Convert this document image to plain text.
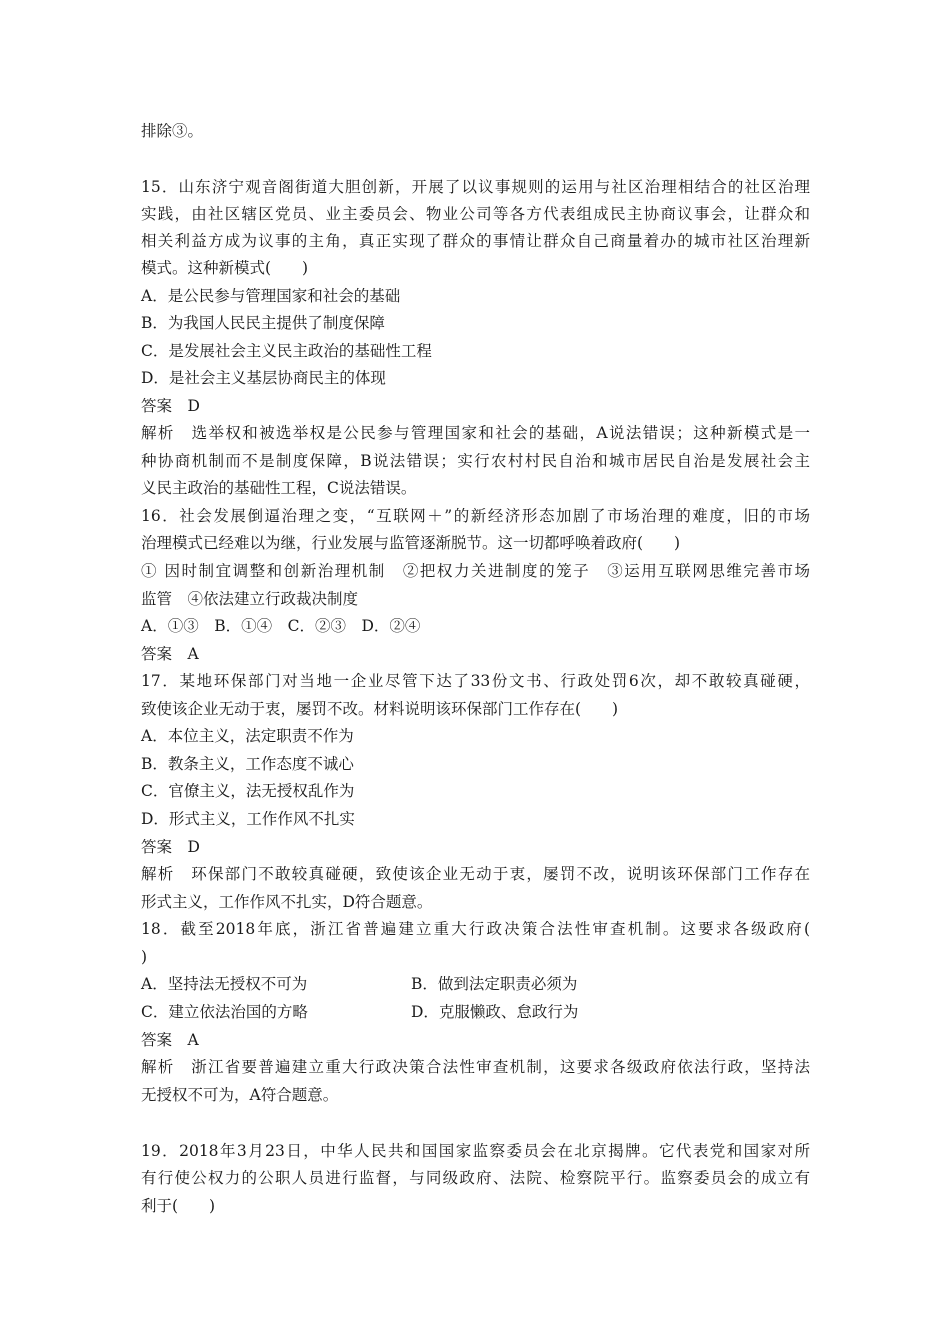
排除③。
15．山东济宁观音阁街道大胆创新，开展了以议事规则的运用与社区治理相结合的社区治理
实践，由社区辖区党员、业主委员会、物业公司等各方代表组成民主协商议事会，让群众和
相关利益方成为议事的主角，真正实现了群众的事情让群众自己商量着办的城市社区治理新
模式。这种新模式(　　)
A．是公民参与管理国家和社会的基础
B．为我国人民民主提供了制度保障
C．是发展社会主义民主政治的基础性工程
D．是社会主义基层协商民主的体现
答案　D
解析　选举权和被选举权是公民参与管理国家和社会的基础，A说法错误；这种新模式是一
种协商机制而不是制度保障，B说法错误；实行农村村民自治和城市居民自治是发展社会主
义民主政治的基础性工程，C说法错误。
16．社会发展倒逼治理之变，“互联网＋”的新经济形态加剧了市场治理的难度，旧的市场
治理模式已经难以为继，行业发展与监管逐渐脱节。这一切都呼唤着政府(　　)
① 因时制宜调整和创新治理机制　②把权力关进制度的笼子　③运用互联网思维完善市场
监管　④依法建立行政裁决制度
A．①③　B．①④　C．②③　D．②④
答案　A
17．某地环保部门对当地一企业尽管下达了33份文书、行政处罚6次，却不敢较真碰硬，
致使该企业无动于衷，屡罚不改。材料说明该环保部门工作存在(　　)
A．本位主义，法定职责不作为
B．教条主义，工作态度不诚心
C．官僚主义，法无授权乱作为
D．形式主义，工作作风不扎实
答案　D
解析　环保部门不敢较真碰硬，致使该企业无动于衷，屡罚不改，说明该环保部门工作存在
形式主义，工作作风不扎实，D符合题意。
18．截至2018年底，浙江省普遍建立重大行政决策合法性审查机制。这要求各级政府(
)
A．坚持法无授权不可为	B．做到法定职责必须为
C．建立依法治国的方略	D．克服懒政、怠政行为
答案　A
解析　浙江省要普遍建立重大行政决策合法性审查机制，这要求各级政府依法行政，坚持法
无授权不可为，A符合题意。
19．2018年3月23日，中华人民共和国国家监察委员会在北京揭牌。它代表党和国家对所
有行使公权力的公职人员进行监督，与同级政府、法院、检察院平行。监察委员会的成立有
利于(　　)
